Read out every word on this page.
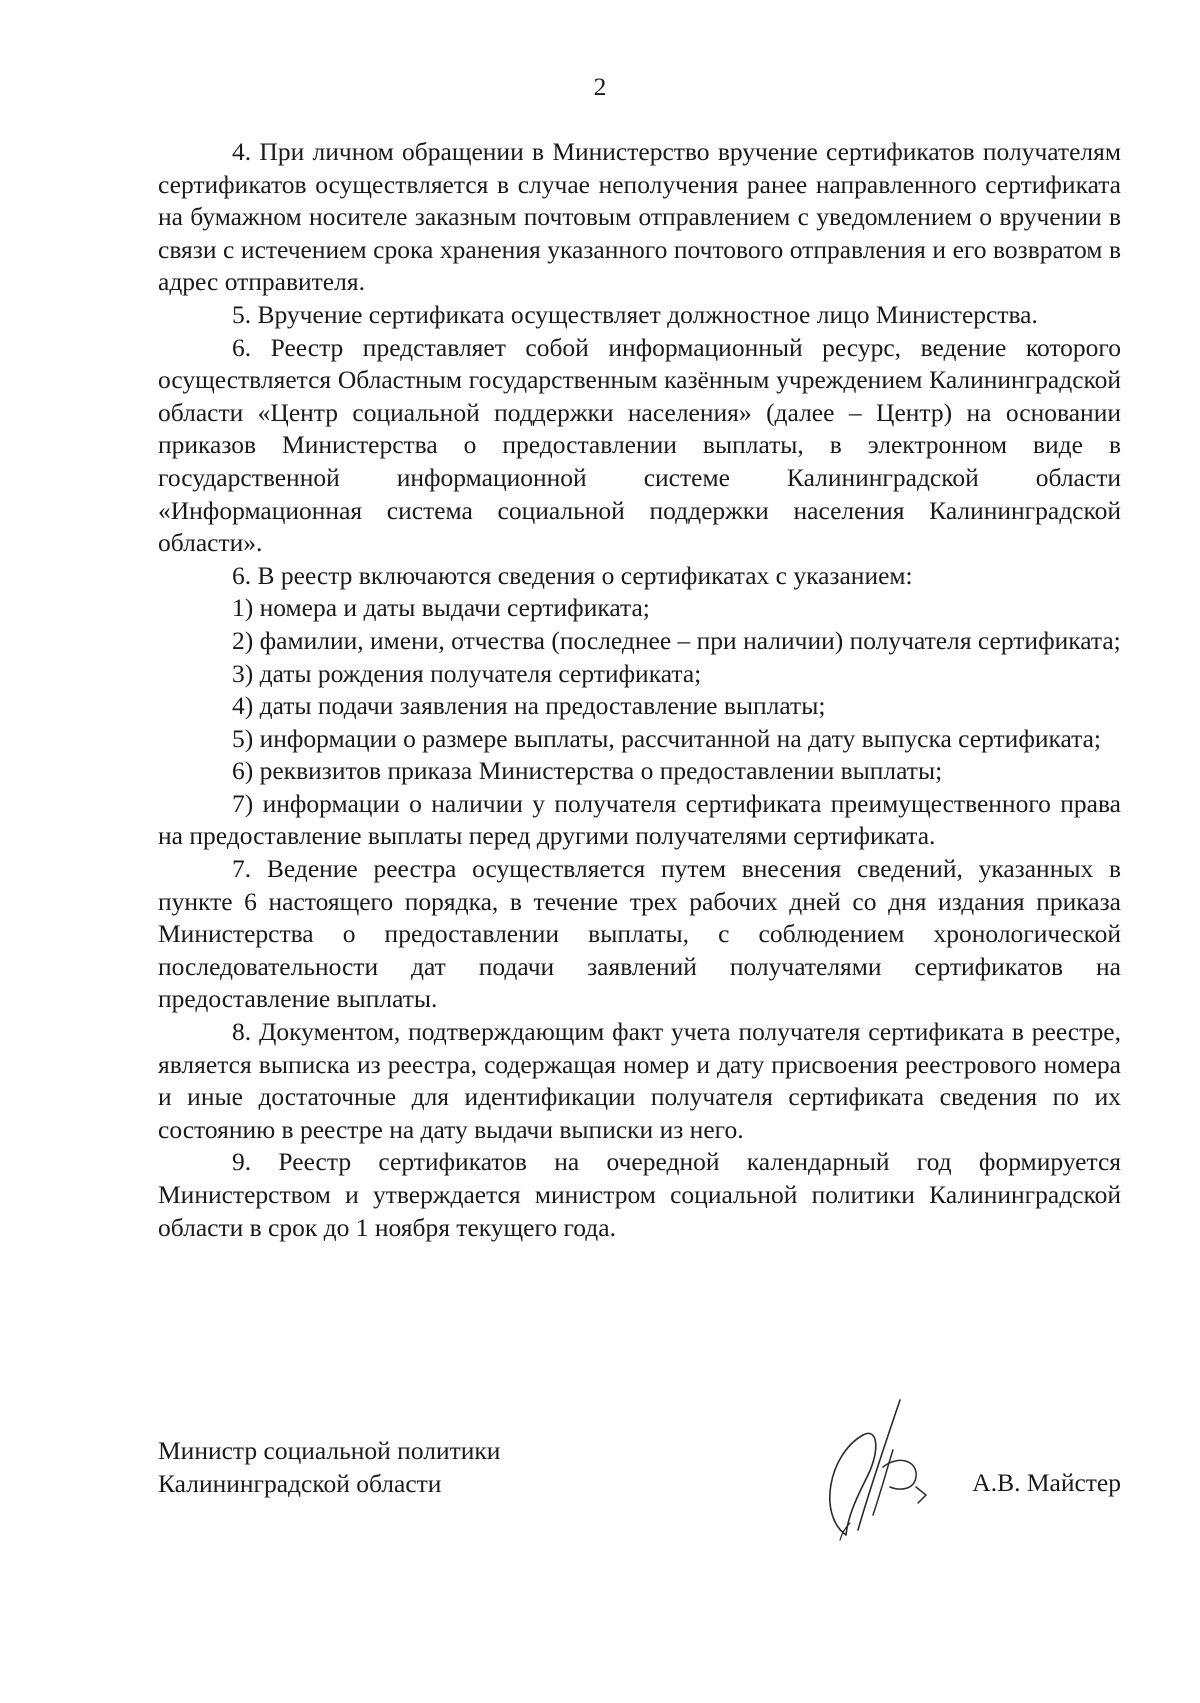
2

4. При личном обращении в Министерство вручение сертификатов получателям сертификатов осуществляется в случае неполучения ранее направленного сертификата на бумажном носителе заказным почтовым отправлением с уведомлением о вручении в связи с истечением срока хранения указанного почтового отправления и его возвратом в адрес отправителя.

5. Вручение сертификата осуществляет должностное лицо Министерства.

6. Реестр представляет собой информационный ресурс, ведение которого осуществляется Областным государственным казённым учреждением Калининградской области «Центр социальной поддержки населения» (далее – Центр) на основании приказов Министерства о предоставлении выплаты, в электронном виде в государственной информационной системе Калининградской области «Информационная система социальной поддержки населения Калининградской области».

6. В реестр включаются сведения о сертификатах с указанием:

1) номера и даты выдачи сертификата;

2) фамилии, имени, отчества (последнее – при наличии) получателя сертификата;

3) даты рождения получателя сертификата;

4) даты подачи заявления на предоставление выплаты;

5) информации о размере выплаты, рассчитанной на дату выпуска сертификата;

6) реквизитов приказа Министерства о предоставлении выплаты;

7) информации о наличии у получателя сертификата преимущественного права на предоставление выплаты перед другими получателями сертификата.

7. Ведение реестра осуществляется путем внесения сведений, указанных в пункте 6 настоящего порядка, в течение трех рабочих дней со дня издания приказа Министерства о предоставлении выплаты, с соблюдением хронологической последовательности дат подачи заявлений получателями сертификатов на предоставление выплаты.

8. Документом, подтверждающим факт учета получателя сертификата в реестре, является выписка из реестра, содержащая номер и дату присвоения реестрового номера и иные достаточные для идентификации получателя сертификата сведения по их состоянию в реестре на дату выдачи выписки из него.

9. Реестр сертификатов на очередной календарный год формируется Министерством и утверждается министром социальной политики Калининградской области в срок до 1 ноября текущего года.

Министр социальной политики
Калининградской области	А.В. Майстер
